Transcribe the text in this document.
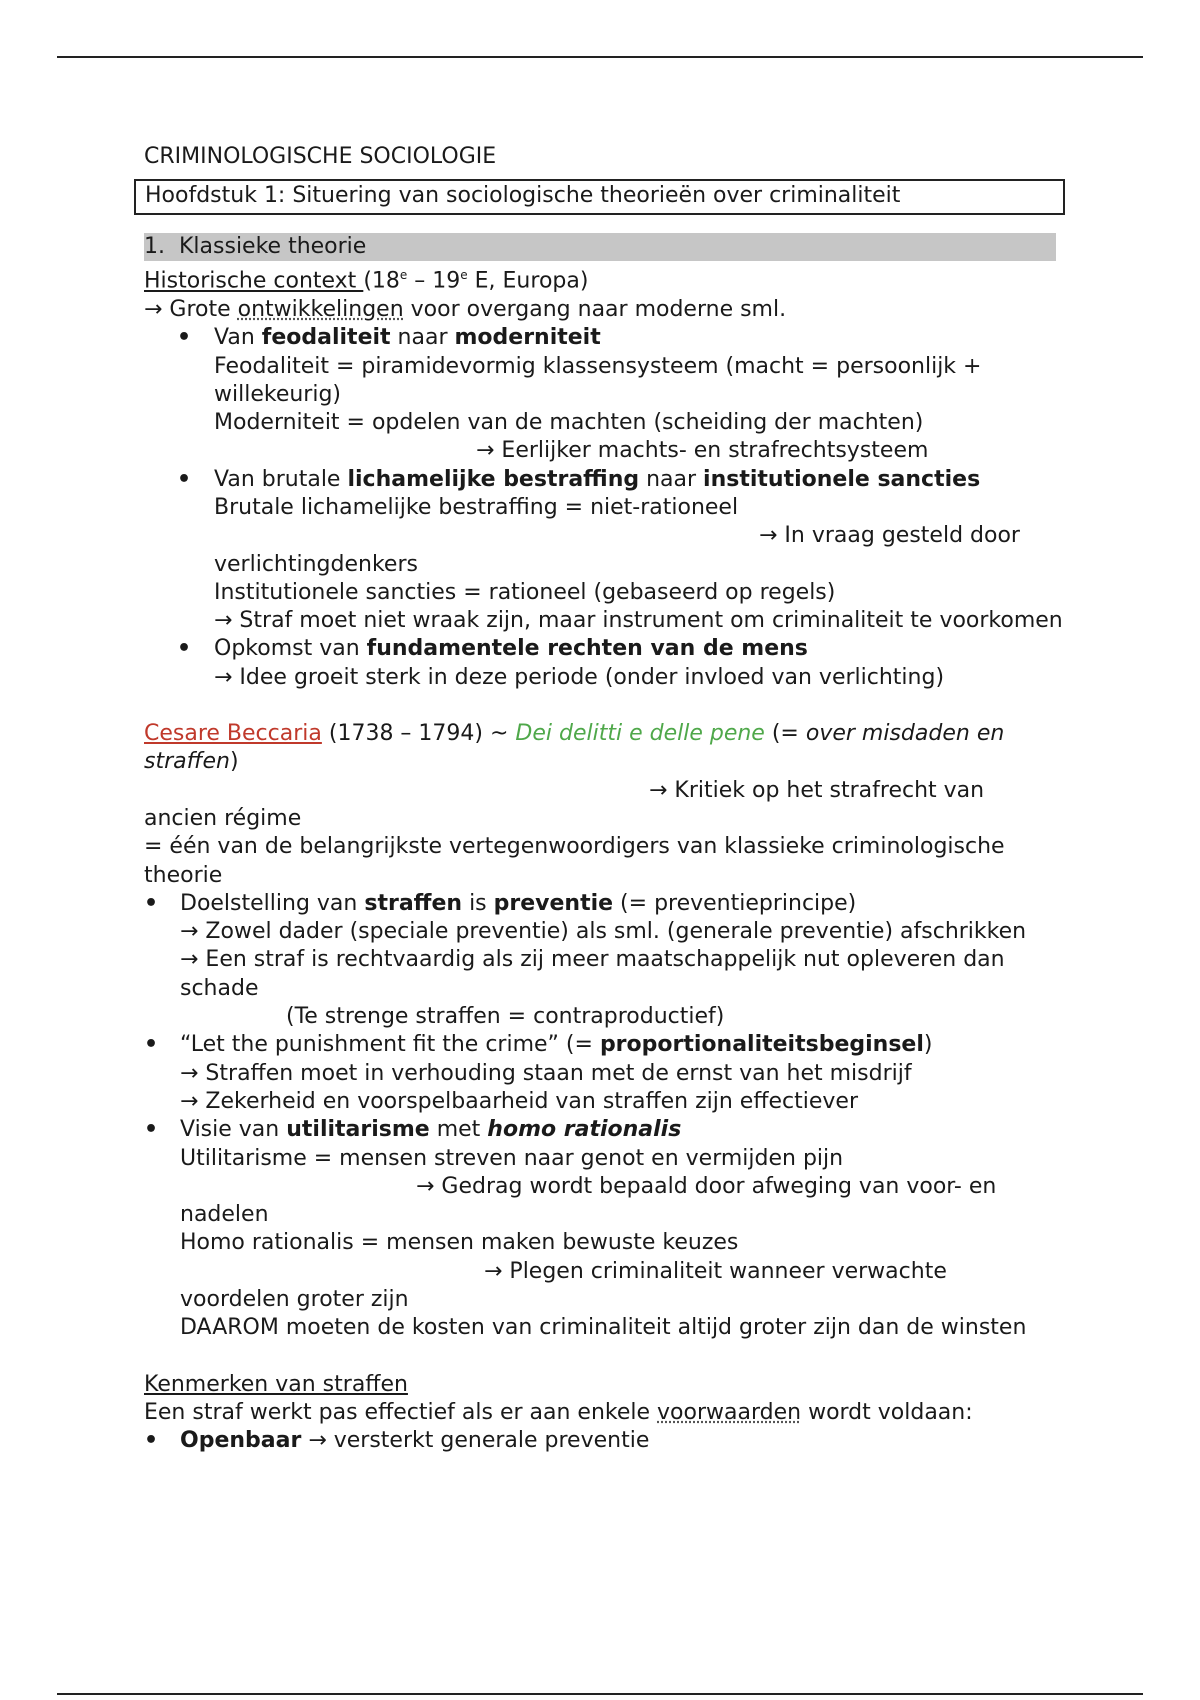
CRIMINOLOGISCHE SOCIOLOGIE

Hoofdstuk 1: Situering van sociologische theorieën over criminaliteit
1. Klassieke theorie

Historische context (18e – 19e E, Europa)

→ Grote ontwikkelingen voor overgang naar moderne sml.

• Van feodaliteit naar moderniteit

Feodaliteit = piramidevormig klassensysteem (macht = persoonlijk + willekeurig)

Moderniteit = opdelen van de machten (scheiding der machten)

→ Eerlijker machts- en strafrechtsysteem

• Van brutale lichamelijke bestraffing naar institutionele sancties

Brutale lichamelijke bestraffing = niet-rationeel

→ In vraag gesteld door

verlichtingdenkers

Institutionele sancties = rationeel (gebaseerd op regels)

→ Straf moet niet wraak zijn, maar instrument om criminaliteit te voorkomen

• Opkomst van fundamentele rechten van de mens

→ Idee groeit sterk in deze periode (onder invloed van verlichting)

Cesare Beccaria (1738 – 1794) ~ Dei delitti e delle pene (= over misdaden en straffen)

→ Kritiek op het strafrecht van

ancien régime

= één van de belangrijkste vertegenwoordigers van klassieke criminologische theorie

• Doelstelling van straffen is preventie (= preventieprincipe)

→ Zowel dader (speciale preventie) als sml. (generale preventie) afschrikken

→ Een straf is rechtvaardig als zij meer maatschappelijk nut opleveren dan schade

(Te strenge straffen = contraproductief)

• “Let the punishment fit the crime” (= proportionaliteitsbeginsel)

→ Straffen moet in verhouding staan met de ernst van het misdrijf

→ Zekerheid en voorspelbaarheid van straffen zijn effectiever

• Visie van utilitarisme met homo rationalis

Utilitarisme = mensen streven naar genot en vermijden pijn

→ Gedrag wordt bepaald door afweging van voor- en

nadelen

Homo rationalis = mensen maken bewuste keuzes

→ Plegen criminaliteit wanneer verwachte

voordelen groter zijn

DAAROM moeten de kosten van criminaliteit altijd groter zijn dan de winsten

Kenmerken van straffen

Een straf werkt pas effectief als er aan enkele voorwaarden wordt voldaan:

• Openbaar → versterkt generale preventie
